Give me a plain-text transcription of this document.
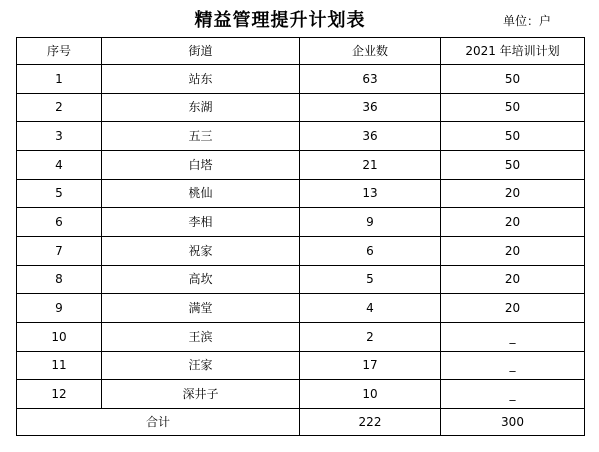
精益管理提升计划表	单位：户
序号	街道	企业数	2021 年培训计划
1	站东	63	50
2	东湖	36	50
3	五三	36	50
4	白塔	21	50
5	桃仙	13	20
6	李相	9	20
7	祝家	6	20
8	高坎	5	20
9	满堂	4	20
10	王滨	2	_
11	汪家	17	_
12	深井子	10	_
合计		222	300
